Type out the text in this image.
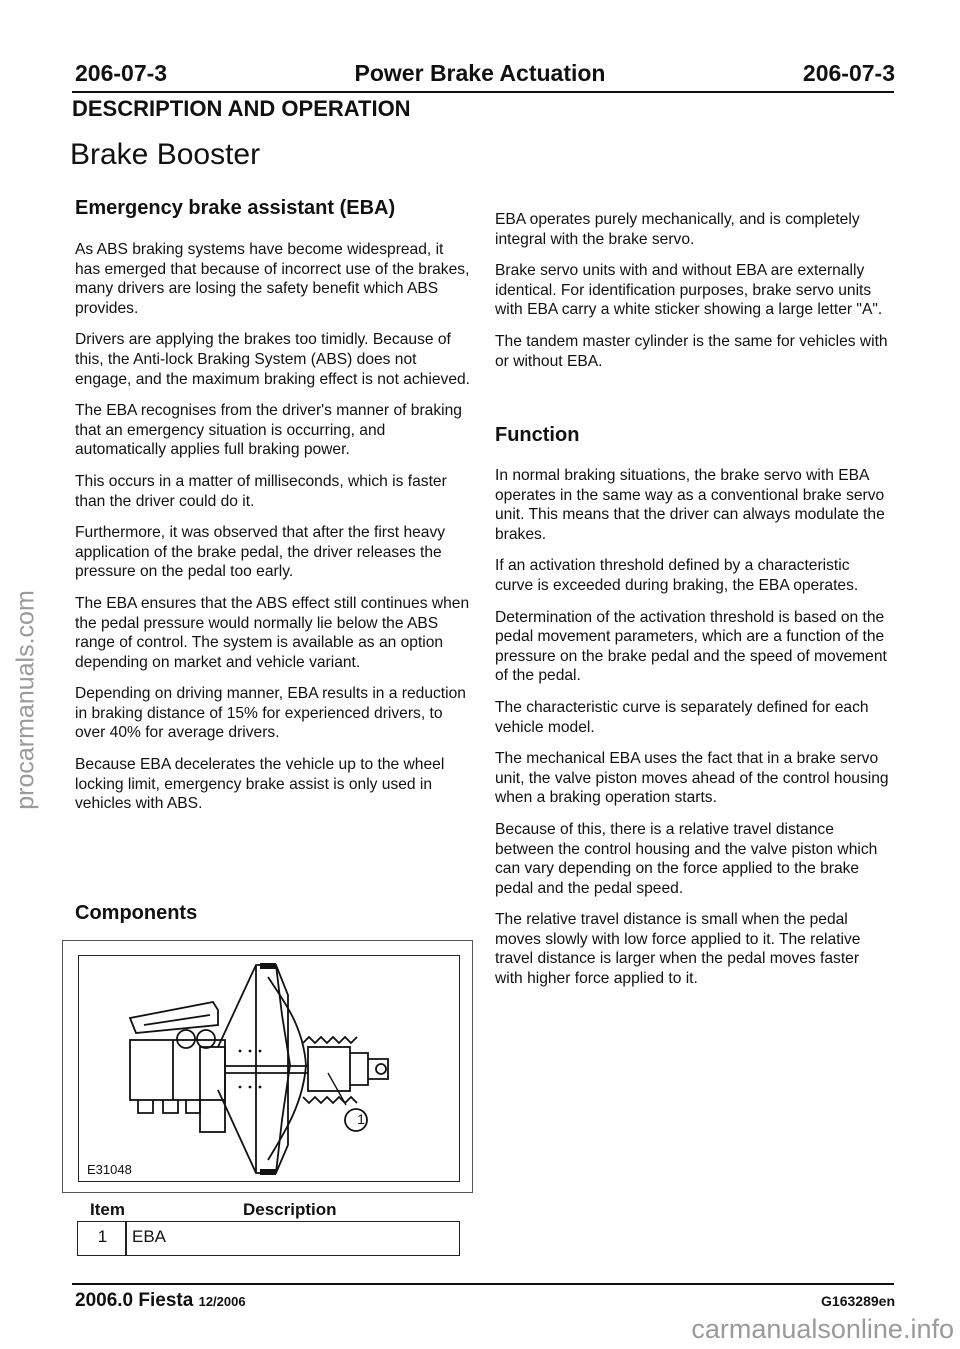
206-07-3	Power Brake Actuation	206-07-3
DESCRIPTION AND OPERATION
Brake Booster
Emergency brake assistant (EBA)

As ABS braking systems have become widespread, it has emerged that because of incorrect use of the brakes, many drivers are losing the safety benefit which ABS provides.

Drivers are applying the brakes too timidly. Because of this, the Anti-lock Braking System (ABS) does not engage, and the maximum braking effect is not achieved.

The EBA recognises from the driver's manner of braking that an emergency situation is occurring, and automatically applies full braking power.

This occurs in a matter of milliseconds, which is faster than the driver could do it.

Furthermore, it was observed that after the first heavy application of the brake pedal, the driver releases the pressure on the pedal too early.

The EBA ensures that the ABS effect still continues when the pedal pressure would normally lie below the ABS range of control. The system is available as an option depending on market and vehicle variant.

Depending on driving manner, EBA results in a reduction in braking distance of 15% for experienced drivers, to over 40% for average drivers.

Because EBA decelerates the vehicle up to the wheel locking limit, emergency brake assist is only used in vehicles with ABS.

Components
1
E31048
Item	Description
1	EBA

EBA operates purely mechanically, and is completely integral with the brake servo.

Brake servo units with and without EBA are externally identical. For identification purposes, brake servo units with EBA carry a white sticker showing a large letter "A".

The tandem master cylinder is the same for vehicles with or without EBA.

Function

In normal braking situations, the brake servo with EBA operates in the same way as a conventional brake servo unit. This means that the driver can always modulate the brakes.

If an activation threshold defined by a characteristic curve is exceeded during braking, the EBA operates.

Determination of the activation threshold is based on the pedal movement parameters, which are a function of the pressure on the brake pedal and the speed of movement of the pedal.

The characteristic curve is separately defined for each vehicle model.

The mechanical EBA uses the fact that in a brake servo unit, the valve piston moves ahead of the control housing when a braking operation starts.

Because of this, there is a relative travel distance between the control housing and the valve piston which can vary depending on the force applied to the brake pedal and the pedal speed.

The relative travel distance is small when the pedal moves slowly with low force applied to it. The relative travel distance is larger when the pedal moves faster with higher force applied to it.

2006.0 Fiesta 12/2006	G163289en
procarmanuals.com
carmanualsonline.info
